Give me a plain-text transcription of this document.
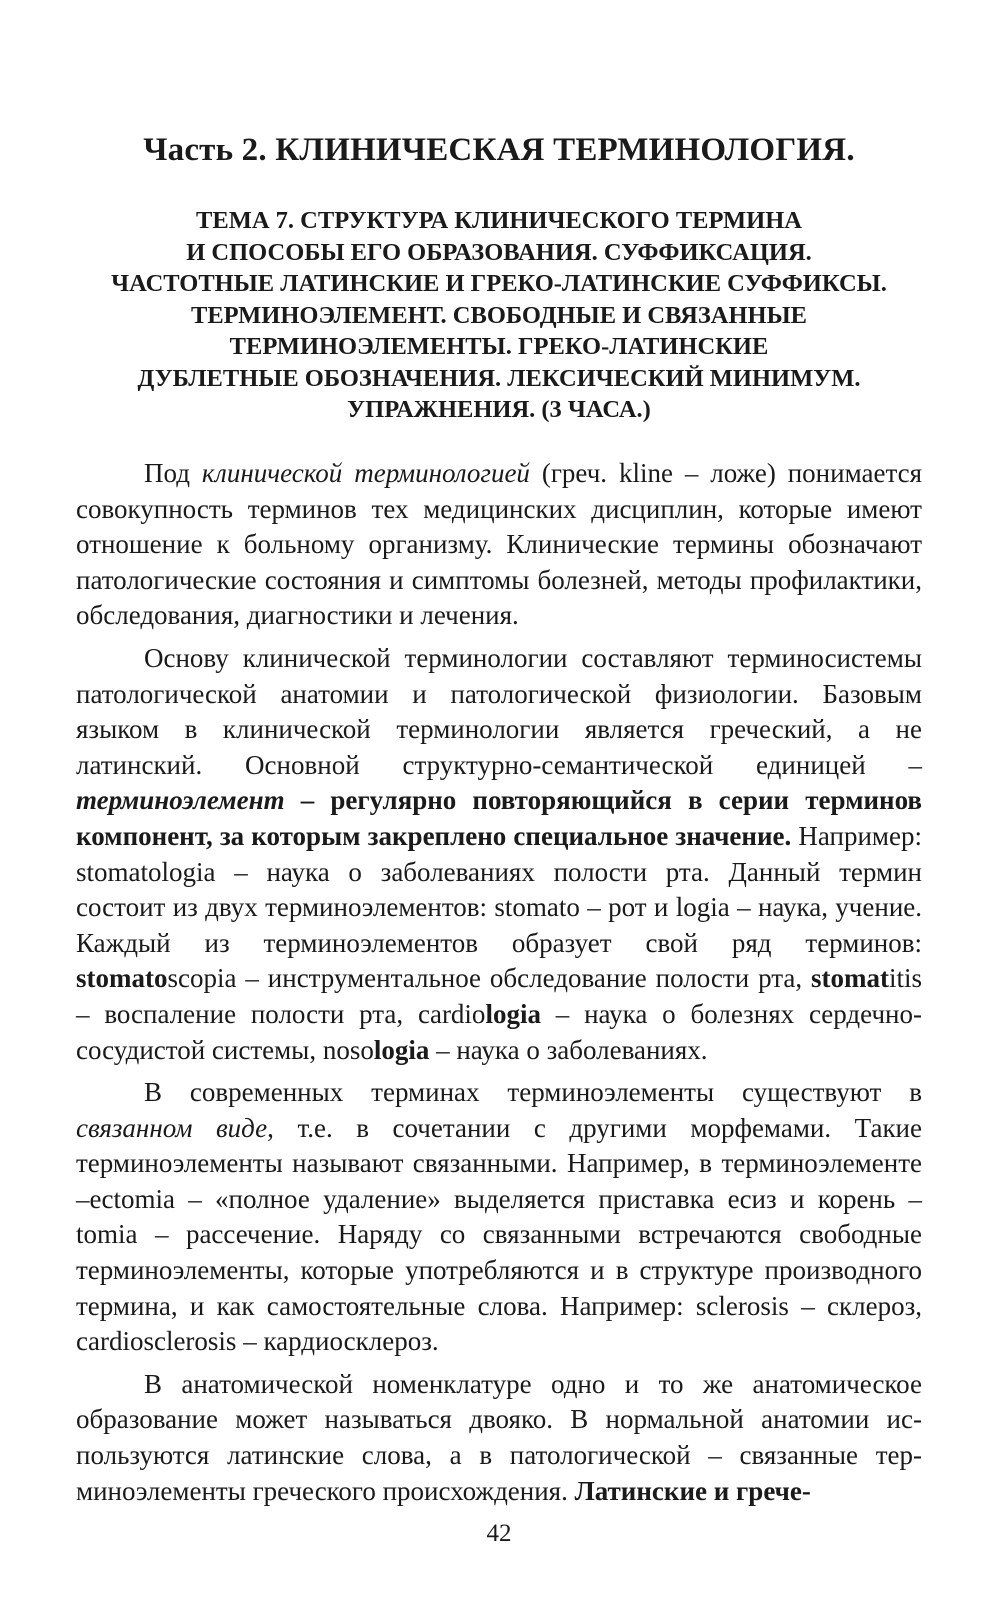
Часть 2. КЛИНИЧЕСКАЯ ТЕРМИНОЛОГИЯ.
ТЕМА 7. СТРУКТУРА КЛИНИЧЕСКОГО ТЕРМИНА
И СПОСОБЫ ЕГО ОБРАЗОВАНИЯ. СУФФИКСАЦИЯ.
ЧАСТОТНЫЕ ЛАТИНСКИЕ И ГРЕКО-ЛАТИНСКИЕ СУФФИКСЫ.
ТЕРМИНОЭЛЕМЕНТ. СВОБОДНЫЕ И СВЯЗАННЫЕ
ТЕРМИНОЭЛЕМЕНТЫ. ГРЕКО-ЛАТИНСКИЕ
ДУБЛЕТНЫЕ ОБОЗНАЧЕНИЯ. ЛЕКСИЧЕСКИЙ МИНИМУМ.
УПРАЖНЕНИЯ. (3 ЧАСА.)

Под клинической терминологией (греч. kline – ложе) понимается совокупность терминов тех медицинских дисциплин, которые имеют отношение к больному организму. Клинические термины обозначают патологические состояния и симптомы болезней, методы профилактики, обследования, диагностики и лечения.

Основу клинической терминологии составляют терминосистемы патологической анатомии и патологической физиологии. Базовым языком в клинической терминологии является греческий, а не латинский. Основной структурно-семантической единицей – терминоэлемент – регулярно повторяющийся в серии терминов компонент, за которым закреплено специальное значение. Например: stomatologia – наука о заболеваниях полости рта. Данный термин состоит из двух терминоэлементов: stomato – рот и logia – наука, учение. Каждый из терминоэлементов образует свой ряд терминов: stomatoscopia – инструментальное обследование полости рта, stomatitis – воспаление полости рта, cardiologia – наука о болезнях сердечно-сосудистой системы, nosologia – наука о заболеваниях.

В современных терминах терминоэлементы существуют в связанном виде, т.е. в сочетании с другими морфемами. Такие терминоэлементы называют связанными. Например, в терминоэлементе –ectomia – «полное удаление» выделяется приставка ecиз и корень –tomia – рассечение. Наряду со связанными встречаются свободные терминоэлементы, которые употребляются и в структуре производного термина, и как самостоятельные слова. Например: sclerosis – склероз, cardiosclerosis – кардиосклероз.

В анатомической номенклатуре одно и то же анатомическое образование может называться двояко. В нормальной анатомии используются латинские слова, а в патологической – связанные терминоэлементы греческого происхождения. Латинские и грече-

42
